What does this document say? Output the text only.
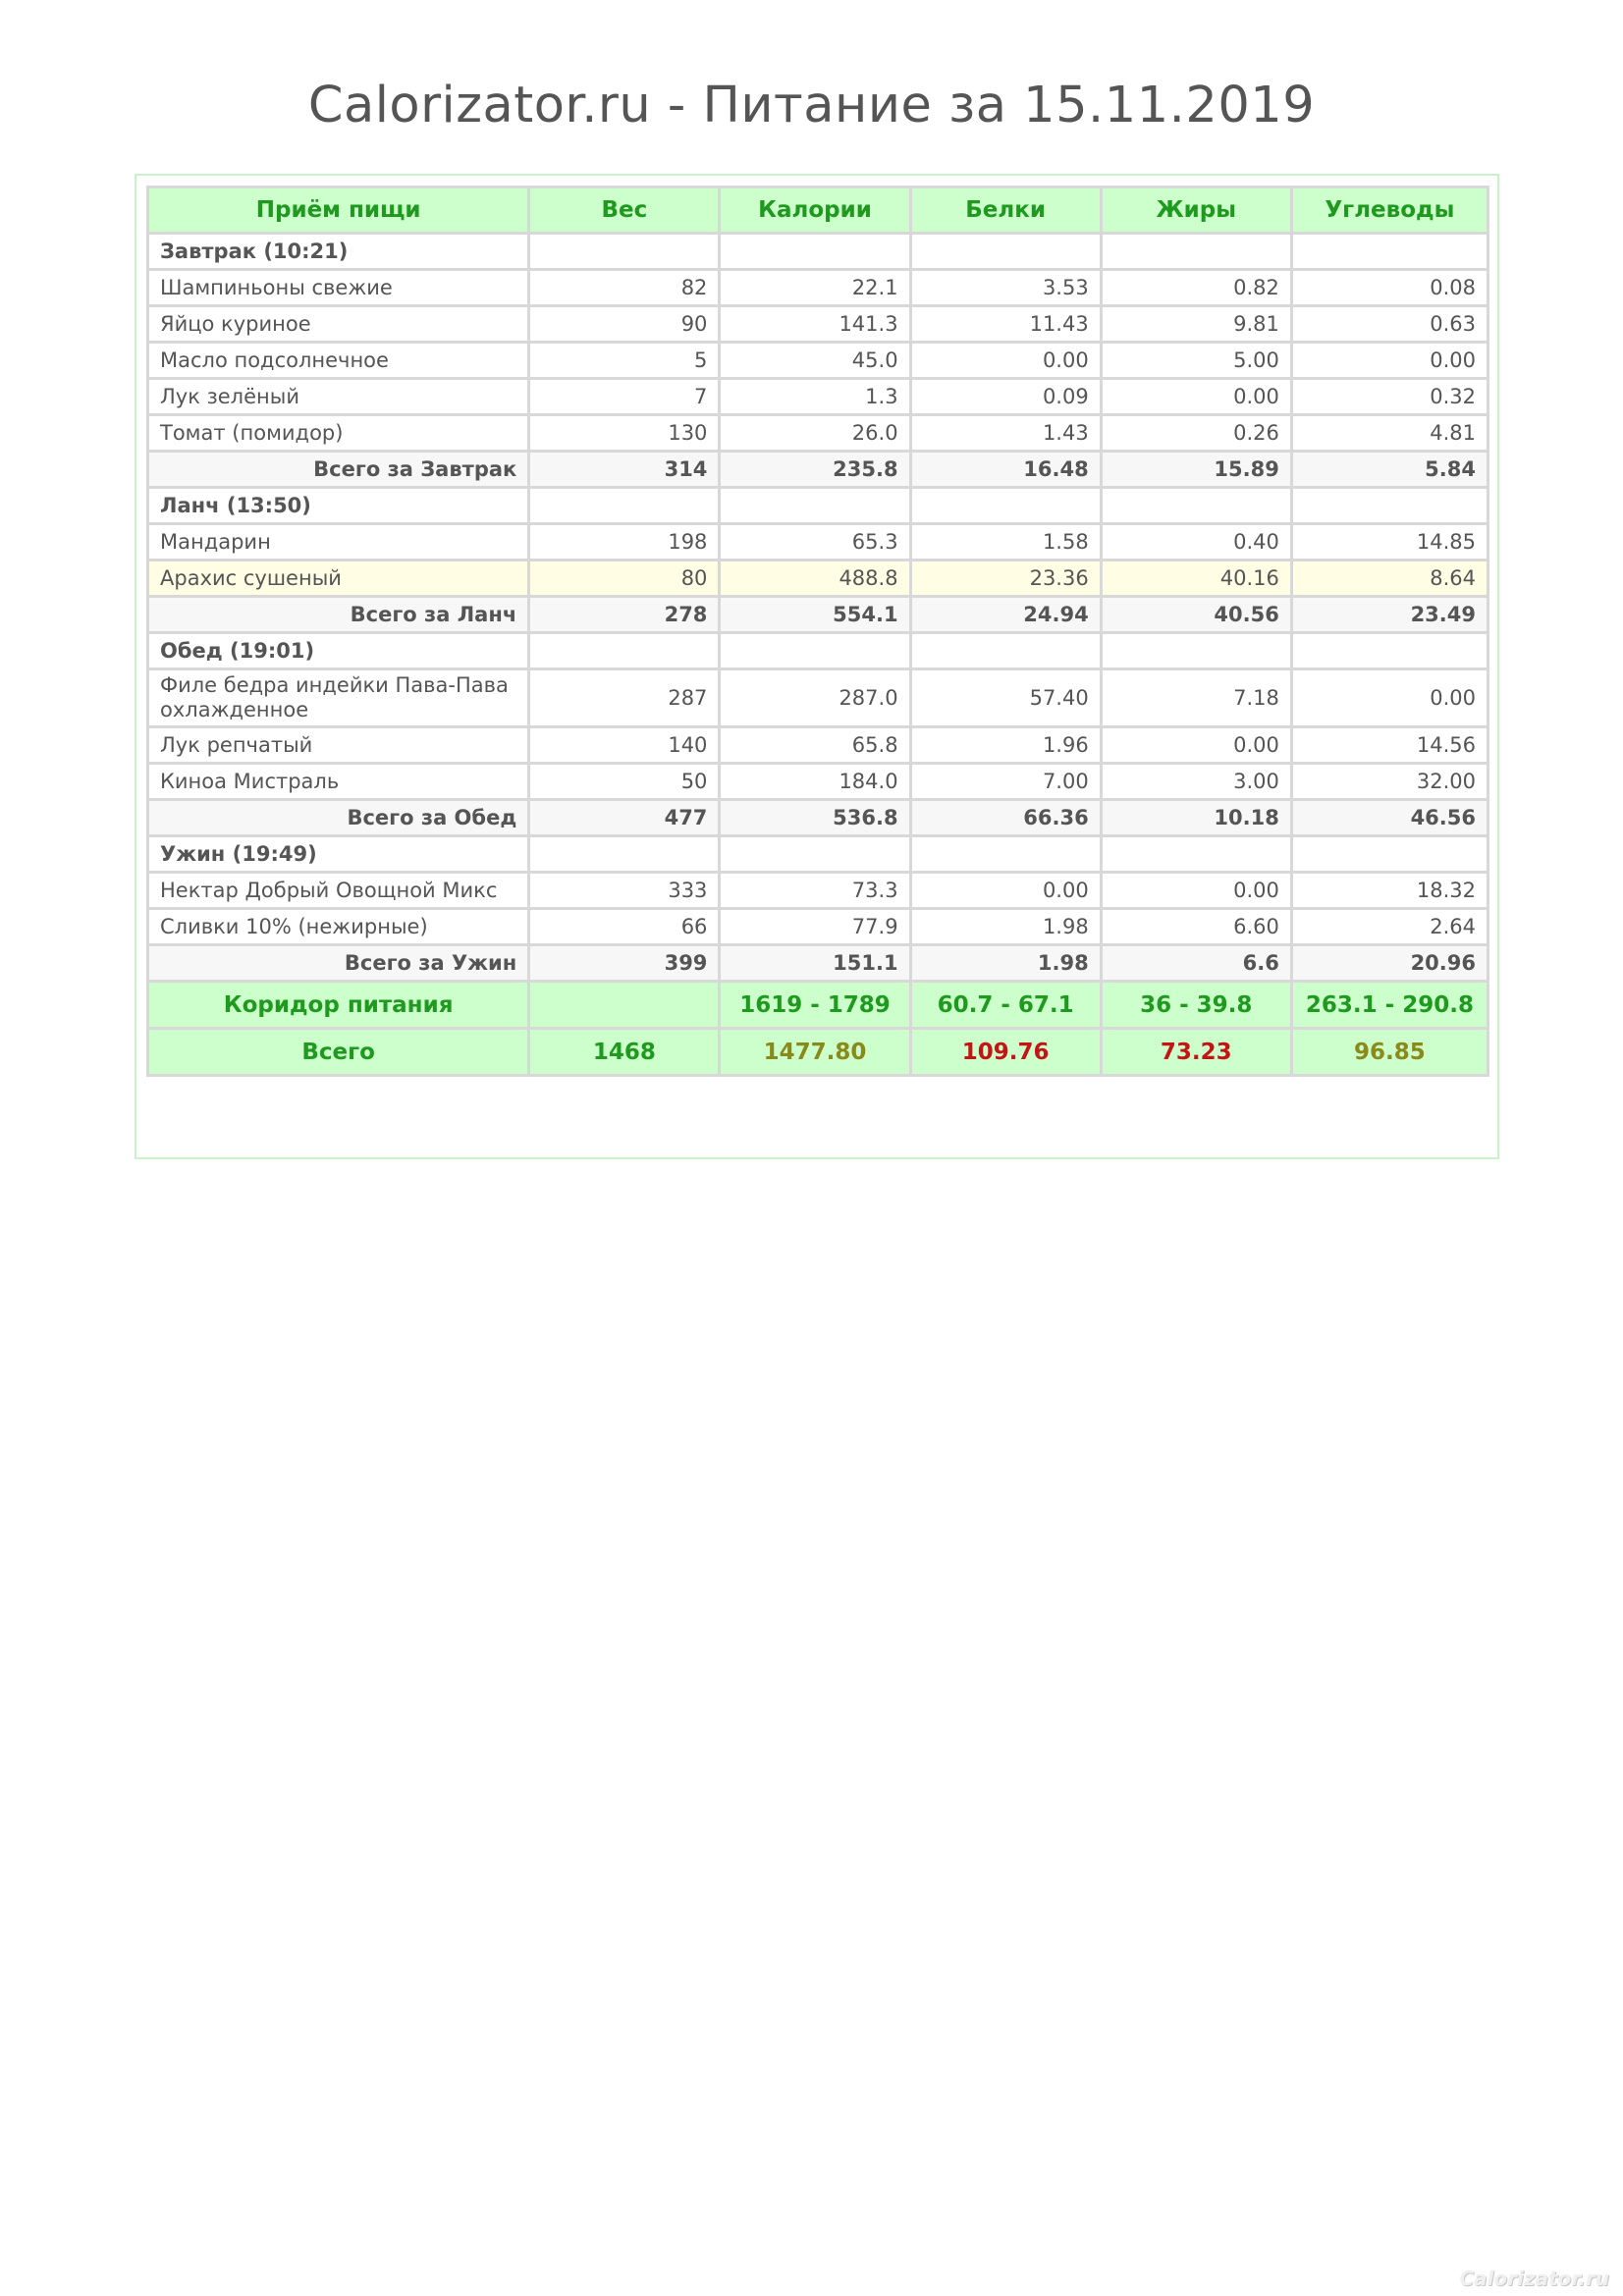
Calorizator.ru - Питание за 15.11.2019
Приём пищи	Вес	Калории	Белки	Жиры	Углеводы
Завтрак (10:21)					
Шампиньоны свежие	82	22.1	3.53	0.82	0.08
Яйцо куриное	90	141.3	11.43	9.81	0.63
Масло подсолнечное	5	45.0	0.00	5.00	0.00
Лук зелёный	7	1.3	0.09	0.00	0.32
Томат (помидор)	130	26.0	1.43	0.26	4.81
Всего за Завтрак	314	235.8	16.48	15.89	5.84
Ланч (13:50)					
Мандарин	198	65.3	1.58	0.40	14.85
Арахис сушеный	80	488.8	23.36	40.16	8.64
Всего за Ланч	278	554.1	24.94	40.56	23.49
Обед (19:01)					
Филе бедра индейки Пава-Пава охлажденное	287	287.0	57.40	7.18	0.00
Лук репчатый	140	65.8	1.96	0.00	14.56
Киноа Мистраль	50	184.0	7.00	3.00	32.00
Всего за Обед	477	536.8	66.36	10.18	46.56
Ужин (19:49)					
Нектар Добрый Овощной Микс	333	73.3	0.00	0.00	18.32
Сливки 10% (нежирные)	66	77.9	1.98	6.60	2.64
Всего за Ужин	399	151.1	1.98	6.6	20.96
Коридор питания		1619 - 1789	60.7 - 67.1	36 - 39.8	263.1 - 290.8
Всего	1468	1477.80	109.76	73.23	96.85
Calorizator.ru
